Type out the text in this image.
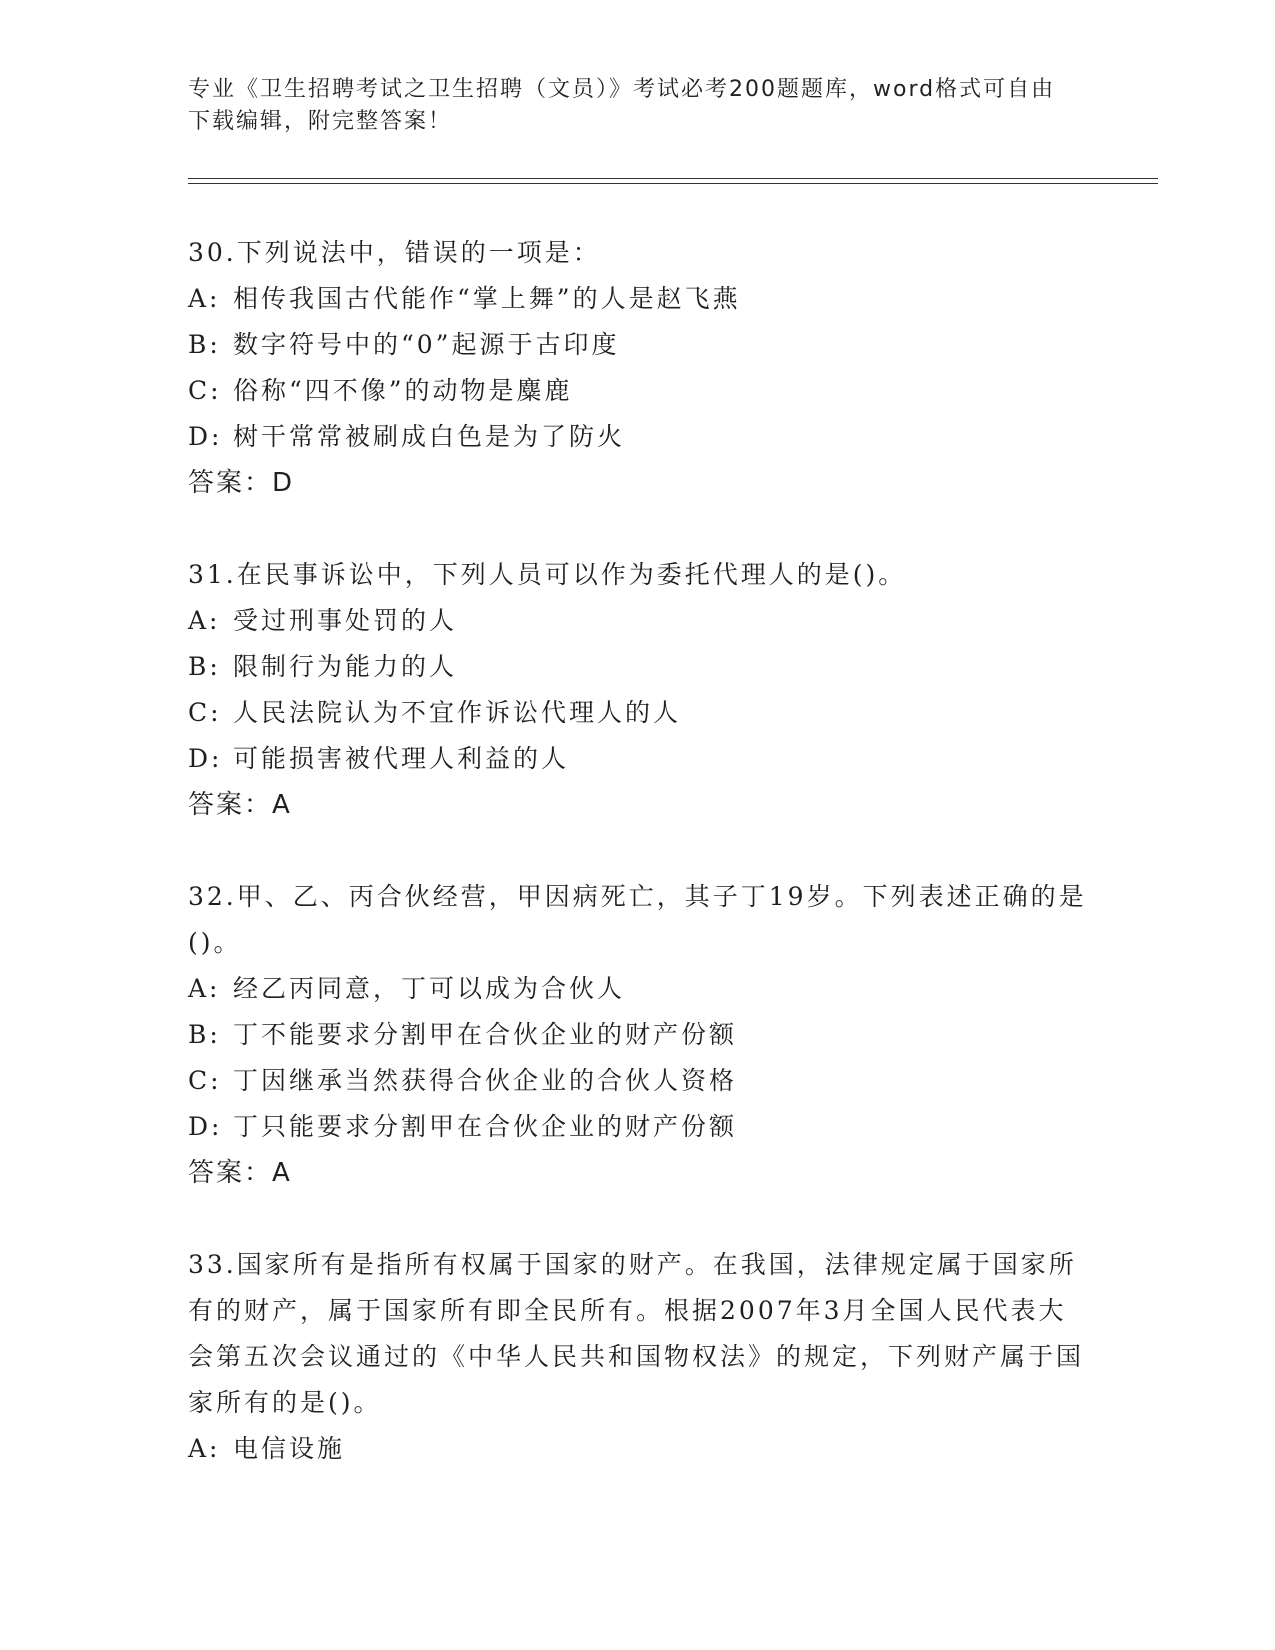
专业《卫生招聘考试之卫生招聘（文员）》考试必考200题题库，word格式可自由下载编辑，附完整答案！

30.下列说法中，错误的一项是：

A: 相传我国古代能作“掌上舞”的人是赵飞燕
B: 数字符号中的“0”起源于古印度
C: 俗称“四不像”的动物是麋鹿
D: 树干常常被刷成白色是为了防火

答案：D

31.在民事诉讼中，下列人员可以作为委托代理人的是()。

A: 受过刑事处罚的人
B: 限制行为能力的人
C: 人民法院认为不宜作诉讼代理人的人
D: 可能损害被代理人利益的人

答案：A

32.甲、乙、丙合伙经营，甲因病死亡，其子丁19岁。下列表述正确的是()。

A: 经乙丙同意，丁可以成为合伙人
B: 丁不能要求分割甲在合伙企业的财产份额
C: 丁因继承当然获得合伙企业的合伙人资格
D: 丁只能要求分割甲在合伙企业的财产份额

答案：A

33.国家所有是指所有权属于国家的财产。在我国，法律规定属于国家所有的财产，属于国家所有即全民所有。根据2007年3月全国人民代表大会第五次会议通过的《中华人民共和国物权法》的规定，下列财产属于国家所有的是()。

A: 电信设施
